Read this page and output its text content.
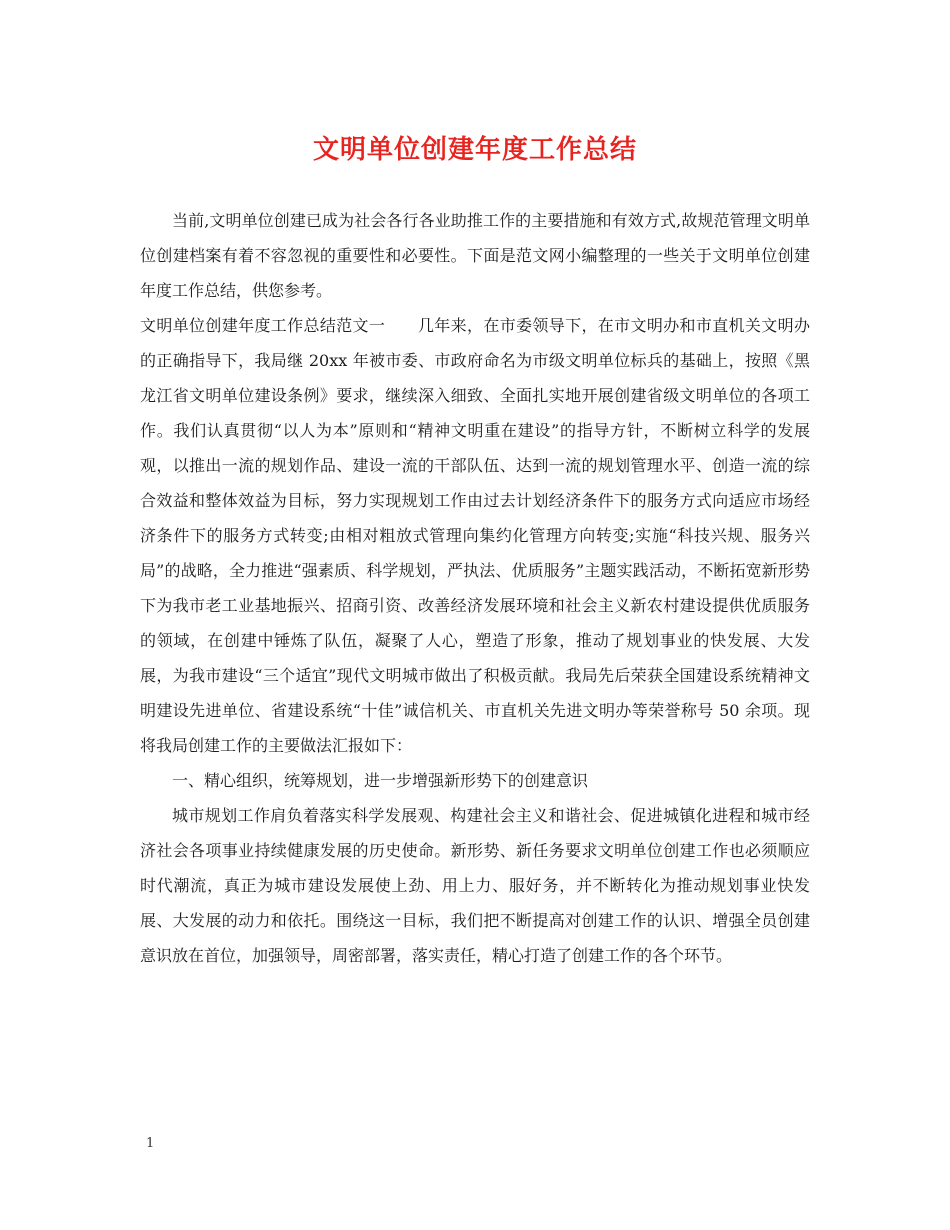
文明单位创建年度工作总结

当前,文明单位创建已成为社会各行各业助推工作的主要措施和有效方式,故规范管理文明单位创建档案有着不容忽视的重要性和必要性。下面是范文网小编整理的一些关于文明单位创建年度工作总结，供您参考。

文明单位创建年度工作总结范文一　　几年来，在市委领导下，在市文明办和市直机关文明办的正确指导下，我局继 20xx 年被市委、市政府命名为市级文明单位标兵的基础上，按照《黑龙江省文明单位建设条例》要求，继续深入细致、全面扎实地开展创建省级文明单位的各项工作。我们认真贯彻“以人为本”原则和“精神文明重在建设”的指导方针，不断树立科学的发展观，以推出一流的规划作品、建设一流的干部队伍、达到一流的规划管理水平、创造一流的综合效益和整体效益为目标，努力实现规划工作由过去计划经济条件下的服务方式向适应市场经济条件下的服务方式转变;由相对粗放式管理向集约化管理方向转变;实施“科技兴规、服务兴局”的战略，全力推进“强素质、科学规划，严执法、优质服务”主题实践活动，不断拓宽新形势下为我市老工业基地振兴、招商引资、改善经济发展环境和社会主义新农村建设提供优质服务的领域，在创建中锤炼了队伍，凝聚了人心，塑造了形象，推动了规划事业的快发展、大发展，为我市建设“三个适宜”现代文明城市做出了积极贡献。我局先后荣获全国建设系统精神文明建设先进单位、省建设系统“十佳”诚信机关、市直机关先进文明办等荣誉称号 50 余项。现将我局创建工作的主要做法汇报如下：

一、精心组织，统筹规划，进一步增强新形势下的创建意识

城市规划工作肩负着落实科学发展观、构建社会主义和谐社会、促进城镇化进程和城市经济社会各项事业持续健康发展的历史使命。新形势、新任务要求文明单位创建工作也必须顺应时代潮流，真正为城市建设发展使上劲、用上力、服好务，并不断转化为推动规划事业快发展、大发展的动力和依托。围绕这一目标，我们把不断提高对创建工作的认识、增强全员创建意识放在首位，加强领导，周密部署，落实责任，精心打造了创建工作的各个环节。

1
